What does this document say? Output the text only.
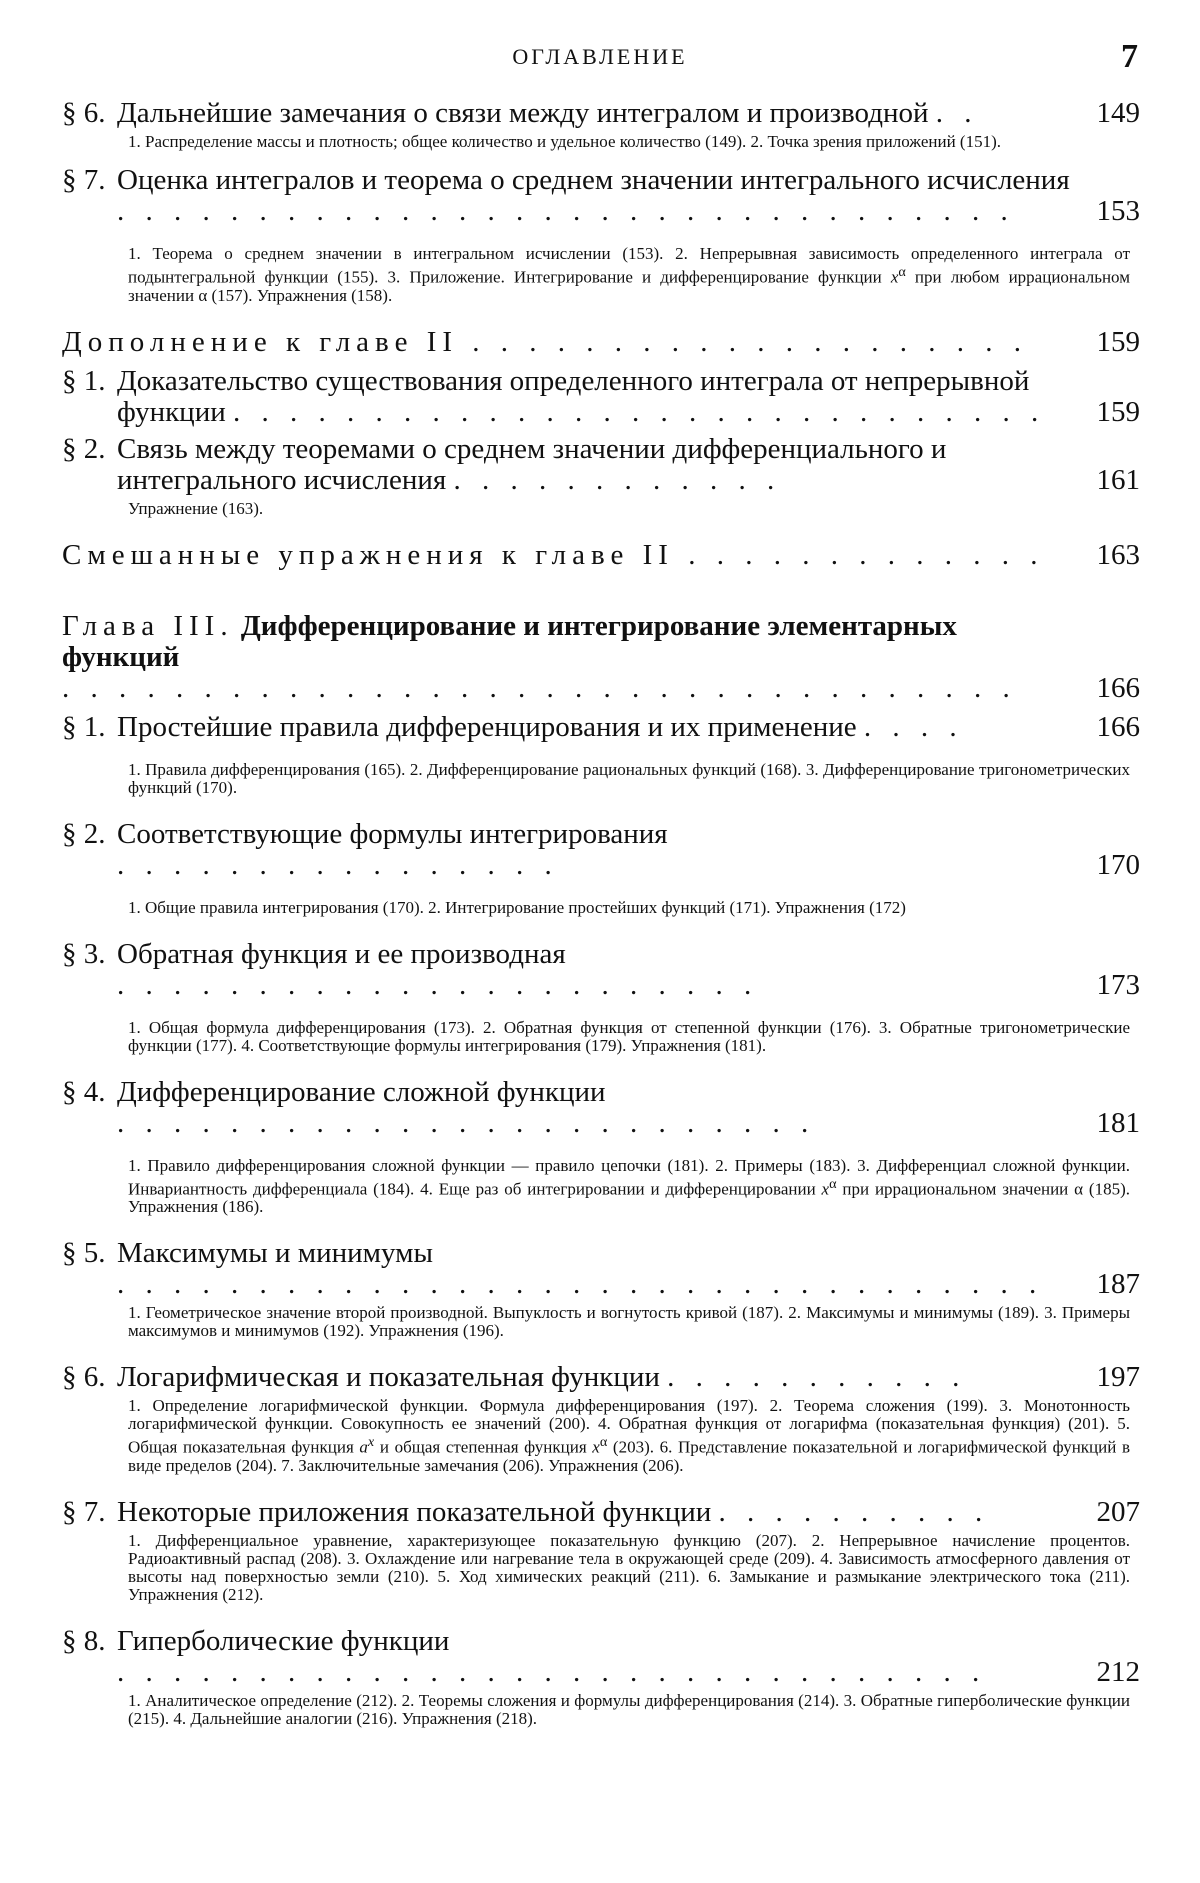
ОГЛАВЛЕНИЕ	7
§ 6. Дальнейшие замечания о связи между интегралом и производной . .	149
1. Распределение массы и плотность; общее количество и удельное количество (149). 2. Точка зрения приложений (151).
§ 7. Оценка интегралов и теорема о среднем значении интегрального исчисления . . . . . . . . . . . . . . . . . . . . . . . . . . . . . . . .	153
1. Теорема о среднем значении в интегральном исчислении (153). 2. Непрерывная зависимость определенного интеграла от подынтегральной функции (155). 3. Приложение. Интегрирование и дифференцирование функции $x^\alpha$ при любом иррациональном значении α (157). Упражнения (158).
Дополнение к главе II . . . . . . . . . . . . . . . . . . . .	159
§ 1. Доказательство существования определенного интеграла от непрерывной функции . . . . . . . . . . . . . . . . . . . . . . . . . . . . .	159
§ 2. Связь между теоремами о среднем значении дифференциального и интегрального исчисления . . . . . . . . . . . .	161
Упражнение (163).
Смешанные упражнения к главе II . . . . . . . . . . . . .	163
Глава III. Дифференцирование и интегрирование элементарных функций . . . . . . . . . . . . . . . . . . . . . . . . . . . . . . . . . .	166
§ 1. Простейшие правила дифференцирования и их применение . . . .	166
1. Правила дифференцирования (165). 2. Дифференцирование рациональных функций (168). 3. Дифференцирование тригонометрических функций (170).
§ 2. Соответствующие формулы интегрирования . . . . . . . . . . . . . . . .	170
1. Общие правила интегрирования (170). 2. Интегрирование простейших функций (171). Упражнения (172)
§ 3. Обратная функция и ее производная . . . . . . . . . . . . . . . . . . . . . . .	173
1. Общая формула дифференцирования (173). 2. Обратная функция от степенной функции (176). 3. Обратные тригонометрические функции (177). 4. Соответствующие формулы интегрирования (179). Упражнения (181).
§ 4. Дифференцирование сложной функции . . . . . . . . . . . . . . . . . . . . . . . . .	181
1. Правило дифференцирования сложной функции — правило цепочки (181). 2. Примеры (183). 3. Дифференциал сложной функции. Инвариантность дифференциала (184). 4. Еще раз об интегрировании и дифференцировании $x^\alpha$ при иррациональном значении α (185). Упражнения (186).
§ 5. Максимумы и минимумы . . . . . . . . . . . . . . . . . . . . . . . . . . . . . . . . .	187
1. Геометрическое значение второй производной. Выпуклость и вогнутость кривой (187). 2. Максимумы и минимумы (189). 3. Примеры максимумов и минимумов (192). Упражнения (196).
§ 6. Логарифмическая и показательная функции . . . . . . . . . . .	197
1. Определение логарифмической функции. Формула дифференцирования (197). 2. Теорема сложения (199). 3. Монотонность логарифмической функции. Совокупность ее значений (200). 4. Обратная функция от логарифма (показательная функция) (201). 5. Общая показательная функция $a^x$ и общая степенная функция $x^\alpha$ (203). 6. Представление показательной и логарифмической функций в виде пределов (204). 7. Заключительные замечания (206). Упражнения (206).
§ 7. Некоторые приложения показательной функции . . . . . . . . . .	207
1. Дифференциальное уравнение, характеризующее показательную функцию (207). 2. Непрерывное начисление процентов. Радиоактивный распад (208). 3. Охлаждение или нагревание тела в окружающей среде (209). 4. Зависимость атмосферного давления от высоты над поверхностью земли (210). 5. Ход химических реакций (211). 6. Замыкание и размыкание электрического тока (211). Упражнения (212).
§ 8. Гиперболические функции . . . . . . . . . . . . . . . . . . . . . . . . . . . . . . .	212
1. Аналитическое определение (212). 2. Теоремы сложения и формулы дифференцирования (214). 3. Обратные гиперболические функции (215). 4. Дальнейшие аналогии (216). Упражнения (218).
